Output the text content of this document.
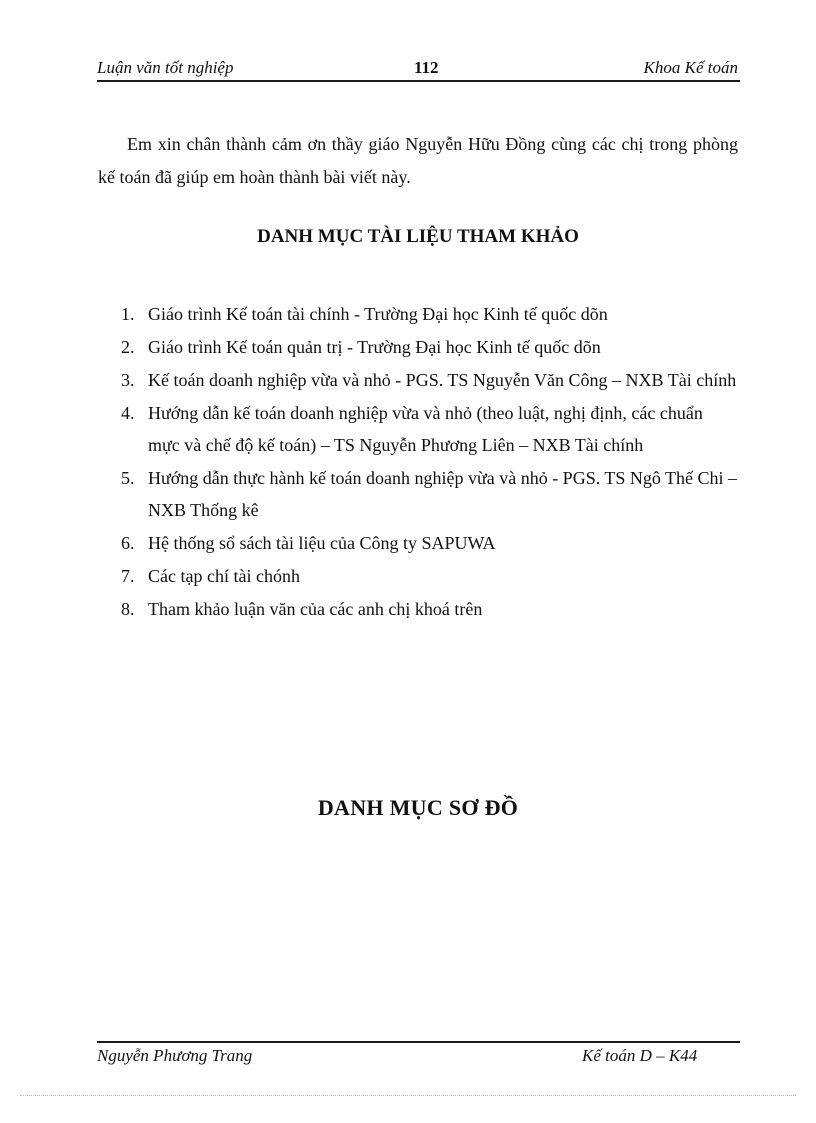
Luận văn tốt nghiệp	112	Khoa Kế toán

Em xin chân thành cảm ơn thầy giáo Nguyễn Hữu Đồng cùng các chị trong phòng kế toán đã giúp em hoàn thành bài viết này.

DANH MỤC TÀI LIỆU THAM KHẢO
1. Giáo trình Kế toán tài chính - Trường Đại học Kinh tế quốc dõn
2. Giáo trình Kế toán quản trị - Trường Đại học Kinh tế quốc dõn
3. Kế toán doanh nghiệp vừa và nhỏ - PGS. TS Nguyễn Văn Công – NXB Tài chính
4. Hướng dẫn kế toán doanh nghiệp vừa và nhỏ (theo luật, nghị định, các chuẩn mực và chế độ kế toán) – TS Nguyễn Phương Liên – NXB Tài chính
5. Hướng dẫn thực hành kế toán doanh nghiệp vừa và nhỏ - PGS. TS Ngô Thế Chi – NXB Thống kê
6. Hệ thống sổ sách tài liệu của Công ty SAPUWA
7. Các tạp chí tài chónh
8. Tham khảo luận văn của các anh chị khoá trên
DANH MỤC SƠ ĐỒ
Nguyễn Phương Trang	Kế toán D – K44
